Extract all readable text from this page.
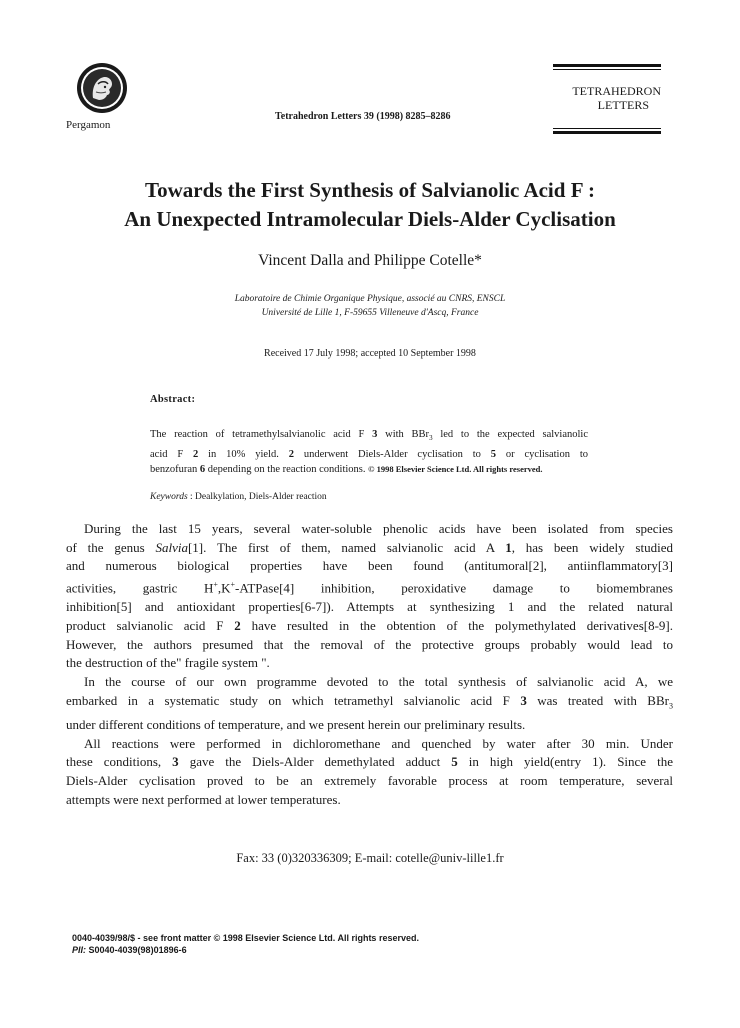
Pergamon
Tetrahedron Letters 39 (1998) 8285–8286
TETRAHEDRON
LETTERS
Towards the First Synthesis of Salvianolic Acid F :
An Unexpected Intramolecular Diels-Alder Cyclisation
Vincent Dalla and Philippe Cotelle*
Laboratoire de Chimie Organique Physique, associé au CNRS, ENSCL
Université de Lille 1, F-59655 Villeneuve d'Ascq, France
Received 17 July 1998; accepted 10 September 1998
Abstract:
The reaction of tetramethylsalvianolic acid F 3 with BBr$_3$ led to the expected salvianolic
acid F 2 in 10% yield. 2 underwent Diels-Alder cyclisation to 5 or cyclisation to
benzofuran 6 depending on the reaction conditions. © 1998 Elsevier Science Ltd. All rights reserved.
Keywords : Dealkylation, Diels-Alder reaction

During the last 15 years, several water-soluble phenolic acids have been isolated from species
of the genus Salvia[1]. The first of them, named salvianolic acid A 1, has been widely studied
and numerous biological properties have been found (antitumoral[2], antiinflammatory[3]
activities, gastric H+,K+-ATPase[4] inhibition, peroxidative damage to biomembranes
inhibition[5] and antioxidant properties[6-7]). Attempts at synthesizing 1 and the related natural
product salvianolic acid F 2 have resulted in the obtention of the polymethylated derivatives[8-9].
However, the authors presumed that the removal of the protective groups probably would lead to
the destruction of the" fragile system ".

In the course of our own programme devoted to the total synthesis of salvianolic acid A, we
embarked in a systematic study on which tetramethyl salvianolic acid F 3 was treated with BBr$_3$
under different conditions of temperature, and we present herein our preliminary results.

All reactions were performed in dichloromethane and quenched by water after 30 min. Under
these conditions, 3 gave the Diels-Alder demethylated adduct 5 in high yield(entry 1). Since the
Diels-Alder cyclisation proved to be an extremely favorable process at room temperature, several
attempts were next performed at lower temperatures.

Fax: 33 (0)320336309; E-mail: cotelle@univ-lille1.fr
0040-4039/98/$ - see front matter © 1998 Elsevier Science Ltd. All rights reserved.
PII: S0040-4039(98)01896-6
